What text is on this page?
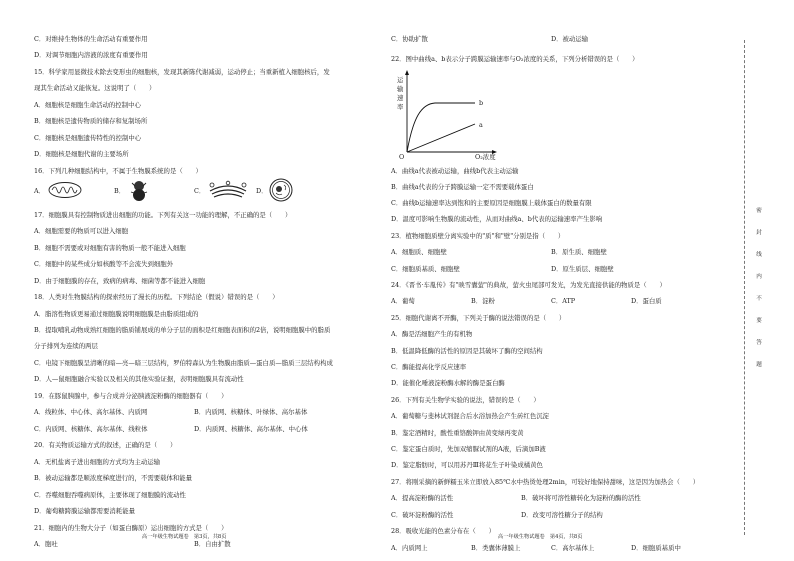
C．对维持生物体的生命活动有重要作用
D．对调节细胞内溶液的浓度有重要作用
15．科学家用显微技术除去变形虫的细胞核，发现其新陈代谢减弱，运动停止；当重新植入细胞核后，发
现其生命活动又能恢复。这说明了（　　）
A．细胞核是细胞生命活动的控制中心
B．细胞核是遗传物质的储存和复制场所
C．细胞核是细胞遗传特性的控制中心
D．细胞核是细胞代谢的主要场所
16．下列几种细胞结构中，不属于生物膜系统的是（　　）
A．	B．	C．	D．
17．细胞膜具有控制物质进出细胞的功能。下列有关这一功能的理解，不正确的是（　　）
A．细胞需要的物质可以进入细胞
B．细胞不需要或对细胞有害的物质一般不能进入细胞
C．细胞中的某些成分如核酸等不会流失到细胞外
D．由于细胞膜的存在，致病的病毒、细菌等都不能进入细胞
18．人类对生物膜结构的探索经历了漫长的历程。下列结论（假说）错误的是（　　）
A．脂溶性物质更易通过细胞膜说明细胞膜是由脂质组成的
B．提取哺乳动物成熟红细胞的脂质铺展成的单分子层的面积是红细胞表面积的2倍，说明细胞膜中的脂质
分子排列为连续的两层
C．电镜下细胞膜呈清晰的暗—亮—暗三层结构，罗伯特森认为生物膜由脂质—蛋白质—脂质三层结构构成
D．人—鼠细胞融合实验以及相关的其他实验证据，表明细胞膜具有流动性
19．在豚鼠胰腺中，参与合成并分泌胰液淀粉酶的细胞器有（　　）
A．线粒体、中心体、高尔基体、内质网	B．内质网、核糖体、叶绿体、高尔基体
C．内质网、核糖体、高尔基体、线粒体	D．内质网、核糖体、高尔基体、中心体
20．有关物质运输方式的叙述，正确的是（　　）
A．无机盐离子进出细胞的方式均为主动运输
B．被动运输都是顺浓度梯度进行的，不需要载体和能量
C．吞噬细胞吞噬病原体，主要体现了细胞膜的流动性
D．葡萄糖跨膜运输都需要消耗能量
21．细胞内的生物大分子（如蛋白酶原）运出细胞的方式是（　　）
A．胞吐	B．自由扩散
高一年级生物试题卷　第3页，共8页
C．协助扩散	D．被动运输
22．图中曲线a、b表示分子跨膜运输速率与O₂浓度的关系，下列分析错误的是（　　）
运
输
速
率	b
a
O	O₂浓度
A．曲线a代表被动运输，曲线b代表主动运输
B．曲线a代表的分子跨膜运输一定不需要载体蛋白
C．曲线b运输速率达到饱和的主要原因是细胞膜上载体蛋白的数量有限
D．温度可影响生物膜的流动性，从而对曲线a、b代表的运输速率产生影响
23．植物细胞质壁分离实验中的"质"和"壁"分别是指（　　）
A．细胞质、细胞壁	B．原生质、细胞壁
C．细胞质基质、细胞壁	D．原生质层、细胞壁
24．《晋书·车胤传》有"映雪囊萤"的典故，萤火虫尾部可发光，为发光直接供能的物质是（　　）
A．葡萄	B．淀粉	C．ATP	D．蛋白质
25．细胞代谢离不开酶，下列关于酶的说法错误的是（　　）
A．酶是活细胞产生的有机物
B．低温降低酶的活性的原因是其破坏了酶的空间结构
C．酶能提高化学反应速率
D．能催化唾液淀粉酶水解的酶是蛋白酶
26．下列有关生物学实验的说法，错误的是（　　）
A．葡萄糖与斐林试剂混合后水浴加热会产生砖红色沉淀
B．鉴定酒精时，酸性重铬酸钾由黄变绿再变黄
C．鉴定蛋白质时，先加双缩脲试剂的A液，后滴加B液
D．鉴定脂肪时，可以用苏丹Ⅲ将花生子叶染成橘黄色
27．将刚采摘的新鲜糯玉米立即放入85℃水中热烫处理2min，可较好地保持甜味，这是因为加热会（　　）
A．提高淀粉酶的活性	B．破坏将可溶性糖转化为淀粉的酶的活性
C．破坏淀粉酶的活性	D．改变可溶性糖分子的结构
28．吸收光能的色素分布在（　　）
A．内质网上	B．类囊体薄膜上	C．高尔基体上	D．细胞质基质中
高一年级生物试题卷　第4页，共8页
密
封
线
内
不
要
答
题
